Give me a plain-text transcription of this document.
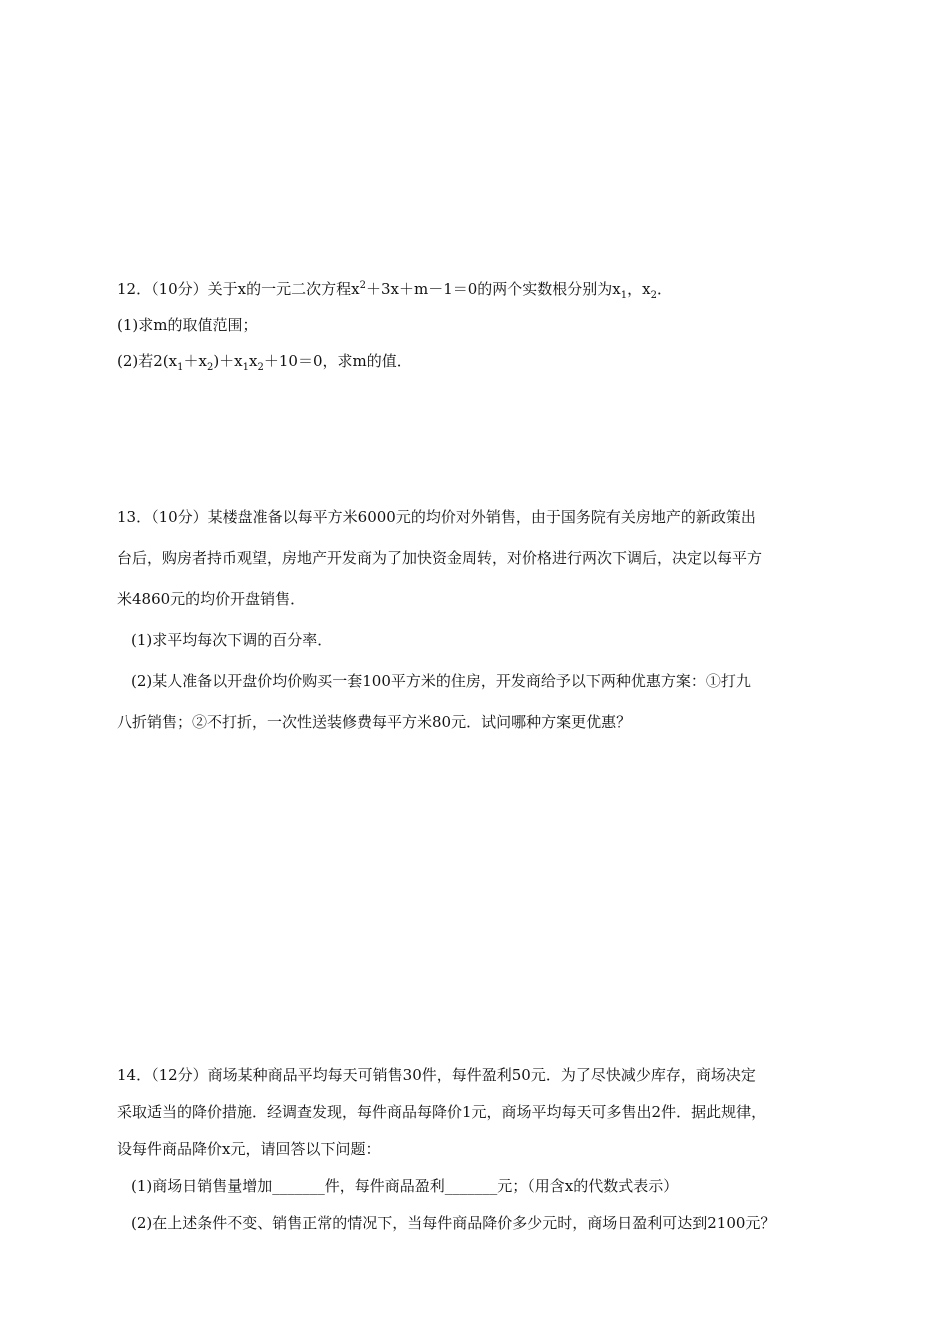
12．（10分）关于x的一元二次方程$x^2+3x+m-1=0$的两个实数根分别为$x_1$，$x_2$．
(1)求m的取值范围；
(2)若$2(x_1+x_2)+x_1x_2+10=0$，求m的值．
13．（10分）某楼盘准备以每平方米6000元的均价对外销售，由于国务院有关房地产的新政策出
台后，购房者持币观望，房地产开发商为了加快资金周转，对价格进行两次下调后，决定以每平方
米4860元的均价开盘销售．
(1)求平均每次下调的百分率．
(2)某人准备以开盘价均价购买一套100平方米的住房，开发商给予以下两种优惠方案：①打九
八折销售；②不打折，一次性送装修费每平方米80元．试问哪种方案更优惠？
14．（12分）商场某种商品平均每天可销售30件，每件盈利50元．为了尽快减少库存，商场决定
采取适当的降价措施．经调查发现，每件商品每降价1元，商场平均每天可多售出2件．据此规律，
设每件商品降价x元，请回答以下问题：
(1)商场日销售量增加_______件，每件商品盈利_______元；（用含x的代数式表示）
(2)在上述条件不变、销售正常的情况下，当每件商品降价多少元时，商场日盈利可达到2100元？
